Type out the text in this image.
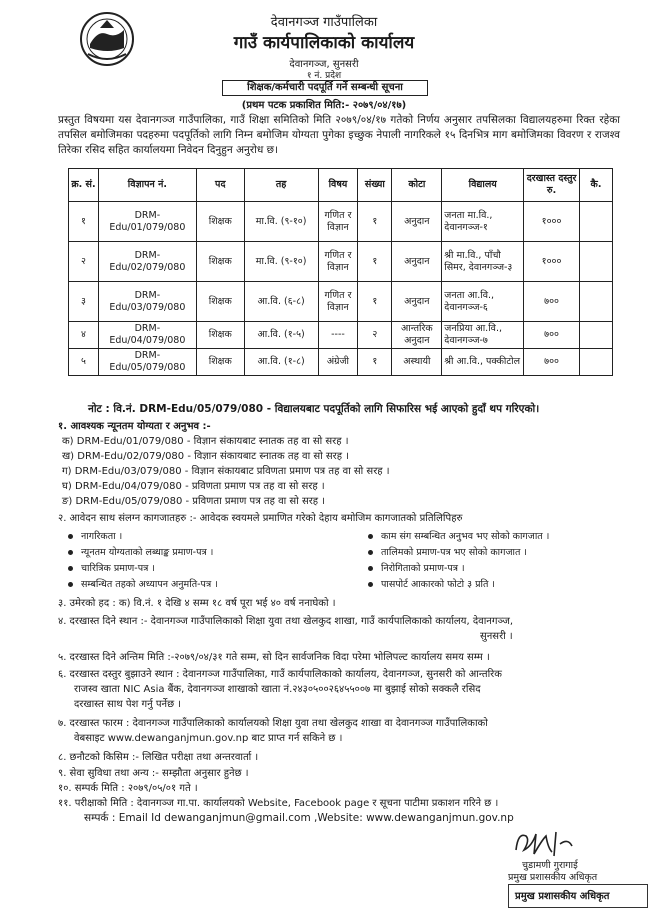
देवानगञ्ज गाउँपालिका
गाउँ कार्यपालिकाको कार्यालय
देवानगञ्ज, सुनसरी
१ नं. प्रदेश
शिक्षक/कर्मचारी पदपूर्ति गर्ने सम्बन्धी सूचना
(प्रथम पटक प्रकाशित मिति:- २०७९/०४/१७)
प्रस्तुत विषयमा यस देवानगञ्ज गाउँपालिका, गाउँ शिक्षा समितिको मिति २०७९/०४/१७ गतेको निर्णय अनुसार तपसिलका विद्यालयहरुमा रिक्त रहेका तपसिल बमोजिमका पदहरुमा पदपूर्तिको लागि निम्न बमोजिम योग्यता पुगेका इच्छुक नेपाली नागरिकले १५ दिनभित्र माग बमोजिमका विवरण र राजश्व तिरेका रसिद सहित कार्यालयमा निवेदन दिनुहुन अनुरोध छ।
क्र. सं.	विज्ञापन नं.	पद	तह	विषय	संख्या	कोटा	विद्यालय	दरखास्त दस्तुर रु.	कै.
१	DRM-Edu/01/079/080	शिक्षक	मा.वि. (९-१०)	गणित र विज्ञान	१	अनुदान	जनता मा.वि., देवानगञ्ज-१	१०००	
२	DRM-Edu/02/079/080	शिक्षक	मा.वि. (९-१०)	गणित र विज्ञान	१	अनुदान	श्री मा.वि., पाँचौ सिमर, देवानगञ्ज-३	१०००	
३	DRM-Edu/03/079/080	शिक्षक	आ.वि. (६-८)	गणित र विज्ञान	१	अनुदान	जनता आ.वि., देवानगञ्ज-६	७००	
४	DRM-Edu/04/079/080	शिक्षक	आ.वि. (१-५)	----	२	आन्तरिक अनुदान	जनप्रिया आ.वि., देवानगञ्ज-७	७००	
५	DRM-Edu/05/079/080	शिक्षक	आ.वि. (१-८)	अंग्रेजी	१	अस्थायी	श्री आ.वि., पक्कीटोल	७००	
नोट : वि.नं. DRM-Edu/05/079/080 - विद्यालयबाट पदपूर्तिको लागि सिफारिस भई आएको हुदाँ थप गरिएको।
१. आवश्यक न्यूनतम योग्यता र अनुभव :-
क) DRM-Edu/01/079/080 - विज्ञान संकायबाट स्नातक तह वा सो सरह ।
ख) DRM-Edu/02/079/080 - विज्ञान संकायबाट स्नातक तह वा सो सरह ।
ग) DRM-Edu/03/079/080 - विज्ञान संकायबाट प्रविणता प्रमाण पत्र तह वा सो सरह ।
घ) DRM-Edu/04/079/080 - प्रविणता प्रमाण पत्र तह वा सो सरह ।
ङ) DRM-Edu/05/079/080 - प्रविणता प्रमाण पत्र तह वा सो सरह ।
२. आवेदन साथ संलग्न कागजातहरु :- आवेदक स्वयमले प्रमाणित गरेको देहाय बमोजिम कागजातको प्रतिलिपिहरु
नागरिकता ।	काम संग सम्बन्धित अनुभव भए सोको कागजात ।
न्यूनतम योग्यताको लब्धाङ्क प्रमाण-पत्र ।	तालिमको प्रमाण-पत्र भए सोको कागजात ।
चारित्रिक प्रमाण-पत्र ।	निरोगिताको प्रमाण-पत्र ।
सम्बन्धित तहको अध्यापन अनुमति-पत्र ।	पासपोर्ट आकारको फोटो ३ प्रति ।
३. उमेरको हद : क) वि.नं. १ देखि ४ सम्म १८ वर्ष पूरा भई ४० वर्ष ननाघेको ।
४. दरखास्त दिने स्थान :- देवानगञ्ज गाउँपालिकाको शिक्षा युवा तथा खेलकुद शाखा, गाउँ कार्यपालिकाको कार्यालय, देवानगञ्ज,
सुनसरी ।
५. दरखास्त दिने अन्तिम मिति :-२०७९/०४/३१ गते सम्म, सो दिन सार्वजनिक विदा परेमा भोलिपल्ट कार्यालय समय सम्म ।
६. दरखास्त दस्तुर बुझाउने स्थान : देवानगञ्ज गाउँपालिका, गाउँ कार्यपालिकाको कार्यालय, देवानगञ्ज, सुनसरी को आन्तरिक
राजस्व खाता NIC Asia बैंक, देवानगञ्ज शाखाको खाता नं.२४३०५००२६४५५००७ मा बुझाई सोको सक्कलै रसिद
दरखास्त साथ पेश गर्नु पर्नेछ ।
७. दरखास्त फारम : देवानगञ्ज गाउँपालिकाको कार्यालयको शिक्षा युवा तथा खेलकुद शाखा वा देवानगञ्ज गाउँपालिकाको
वेबसाइट www.dewanganjmun.gov.np बाट प्राप्त गर्न सकिने छ ।
८. छनौटको किसिम :- लिखित परीक्षा तथा अन्तरवार्ता ।
९. सेवा सुविधा तथा अन्य :- सम्झौता अनुसार हुनेछ ।
१०. सम्पर्क मिति : २०७९/०५/०१ गते ।
११. परीक्षाको मिति : देवानगञ्ज गा.पा. कार्यालयको Website, Facebook page र सूचना पाटीमा प्रकाशन गरिने छ ।
सम्पर्क : Email Id dewanganjmun@gmail.com ,Website: www.dewanganjmun.gov.np
चुडामणी गुरागाई
प्रमुख प्रशासकीय अधिकृत
प्रमुख प्रशासकीय अधिकृत
